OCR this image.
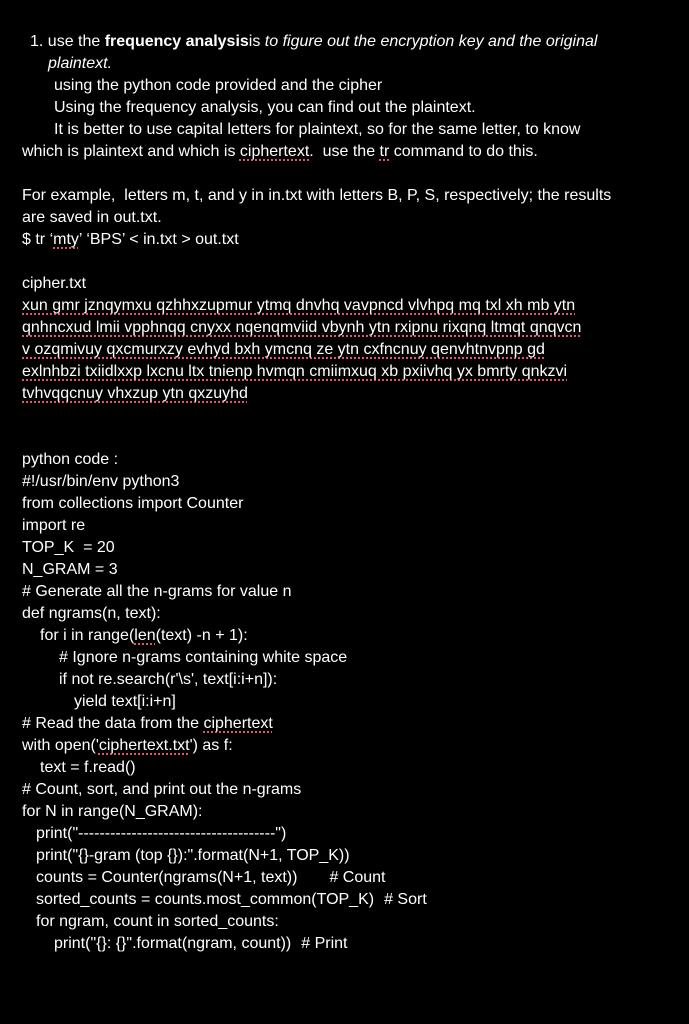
1. use the frequency analysisis to figure out the encryption key and the original
plaintext.
using the python code provided and the cipher
Using the frequency analysis, you can find out the plaintext.
It is better to use capital letters for plaintext, so for the same letter, to know
which is plaintext and which is ciphertext.  use the tr command to do this.
For example,  letters m, t, and y in in.txt with letters B, P, S, respectively; the results
are saved in out.txt.
$ tr ‘mty’ ‘BPS’ < in.txt > out.txt
cipher.txt
xun gmr jznqymxu qzhhxzupmur ytmq dnvhq vavpncd vlvhpq mq txl xh mb ytn
qnhncxud lmii vpphnqq cnyxx nqenqmviid vbynh ytn rxipnu rixqnq ltmqt qnqvcn
v ozqmivuy qxcmurxzy evhyd bxh ymcnq ze ytn cxfncnuy qenvhtnvpnp gd
exlnhbzi txiidlxxp lxcnu ltx tnienp hvmqn cmiimxuq xb pxiivhq yx bmrty qnkzvi
tvhvqqcnuy vhxzup ytn qxzuyhd
python code :
#!/usr/bin/env python3
from collections import Counter
import re
TOP_K  = 20
N_GRAM = 3
# Generate all the n-grams for value n
def ngrams(n, text):
for i in range(len(text) -n + 1):
# Ignore n-grams containing white space
if not re.search(r'\s', text[i:i+n]):
yield text[i:i+n]
# Read the data from the ciphertext
with open('ciphertext.txt') as f:
text = f.read()
# Count, sort, and print out the n-grams
for N in range(N_GRAM):
print("-------------------------------------")
print("{}-gram (top {}):".format(N+1, TOP_K))
counts = Counter(ngrams(N+1, text)) # Count
sorted_counts = counts.most_common(TOP_K) # Sort
for ngram, count in sorted_counts:
print("{}: {}".format(ngram, count)) # Print
